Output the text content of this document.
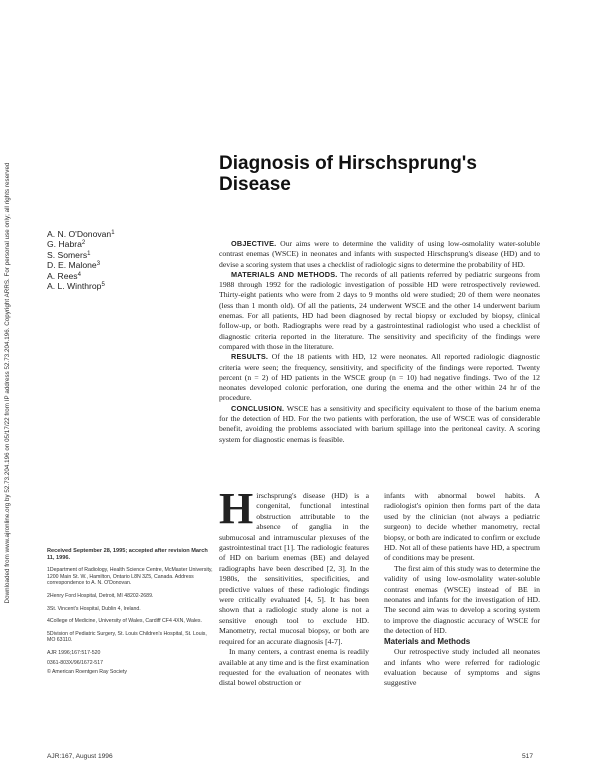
Downloaded from www.ajronline.org by 52.73.204.196 on 05/17/22 from IP address 52.73.204.196. Copyright ARRS. For personal use only; all rights reserved	Diagnosis of Hirschsprung's Disease
A. N. O'Donovan$^1$
G. Habra$^2$
S. Somers$^1$
D. E. Malone$^3$
A. Rees$^4$
A. L. Winthrop$^5$

OBJECTIVE. Our aims were to determine the validity of using low-osmolality water-soluble contrast enemas (WSCE) in neonates and infants with suspected Hirschsprung's disease (HD) and to devise a scoring system that uses a checklist of radiologic signs to determine the probability of HD.

MATERIALS AND METHODS. The records of all patients referred by pediatric surgeons from 1988 through 1992 for the radiologic investigation of possible HD were retrospectively reviewed. Thirty-eight patients who were from 2 days to 9 months old were studied; 20 of them were neonates (less than 1 month old). Of all the patients, 24 underwent WSCE and the other 14 underwent barium enemas. For all patients, HD had been diagnosed by rectal biopsy or excluded by biopsy, clinical follow-up, or both. Radiographs were read by a gastrointestinal radiologist who used a checklist of diagnostic criteria reported in the literature. The sensitivity and specificity of the findings were compared with those in the literature.

RESULTS. Of the 18 patients with HD, 12 were neonates. All reported radiologic diagnostic criteria were seen; the frequency, sensitivity, and specificity of the findings were reported. Twenty percent (n = 2) of HD patients in the WSCE group (n = 10) had negative findings. Two of the 12 neonates developed colonic perforation, one during the enema and the other within 24 hr of the procedure.

CONCLUSION. WSCE has a sensitivity and specificity equivalent to those of the barium enema for the detection of HD. For the two patients with perforation, the use of WSCE was of considerable benefit, avoiding the problems associated with barium spillage into the peritoneal cavity. A scoring system for diagnostic enemas is feasible.

Received September 28, 1995; accepted after revision March 11, 1996.

1Department of Radiology, Health Science Centre, McMaster University, 1200 Main St. W., Hamilton, Ontario L8N 3Z5, Canada. Address correspondence to A. N. O'Donovan.

2Henry Ford Hospital, Detroit, MI 48202-2689.

3St. Vincent's Hospital, Dublin 4, Ireland.

4College of Medicine, University of Wales, Cardiff CF4 4XN, Wales.

5Division of Pediatric Surgery, St. Louis Children's Hospital, St. Louis, MO 63110.

AJR 1996;167:517-520

0361-803X/96/1672-517

© American Roentgen Ray Society

H irschsprung's disease (HD) is a congenital, functional intestinal obstruction attributable to the absence of ganglia in the submucosal and intramuscular plexuses of the gastrointestinal tract [1]. The radiologic features of HD on barium enemas (BE) and delayed radiographs have been described [2, 3]. In the 1980s, the sensitivities, specificities, and predictive values of these radiologic findings were critically evaluated [4, 5]. It has been shown that a radiologic study alone is not a sensitive enough tool to exclude HD. Manometry, rectal mucosal biopsy, or both are required for an accurate diagnosis [4-7].

In many centers, a contrast enema is readily available at any time and is the first examination requested for the evaluation of neonates with distal bowel obstruction or

infants with abnormal bowel habits. A radiologist's opinion then forms part of the data used by the clinician (not always a pediatric surgeon) to decide whether manometry, rectal biopsy, or both are indicated to confirm or exclude HD. Not all of these patients have HD, a spectrum of conditions may be present.

The first aim of this study was to determine the validity of using low-osmolality water-soluble contrast enemas (WSCE) instead of BE in neonates and infants for the investigation of HD. The second aim was to develop a scoring system to improve the diagnostic accuracy of WSCE for the detection of HD.

Materials and Methods

Our retrospective study included all neonates and infants who were referred for radiologic evaluation because of symptoms and signs suggestive

AJR:167, August 1996	517
